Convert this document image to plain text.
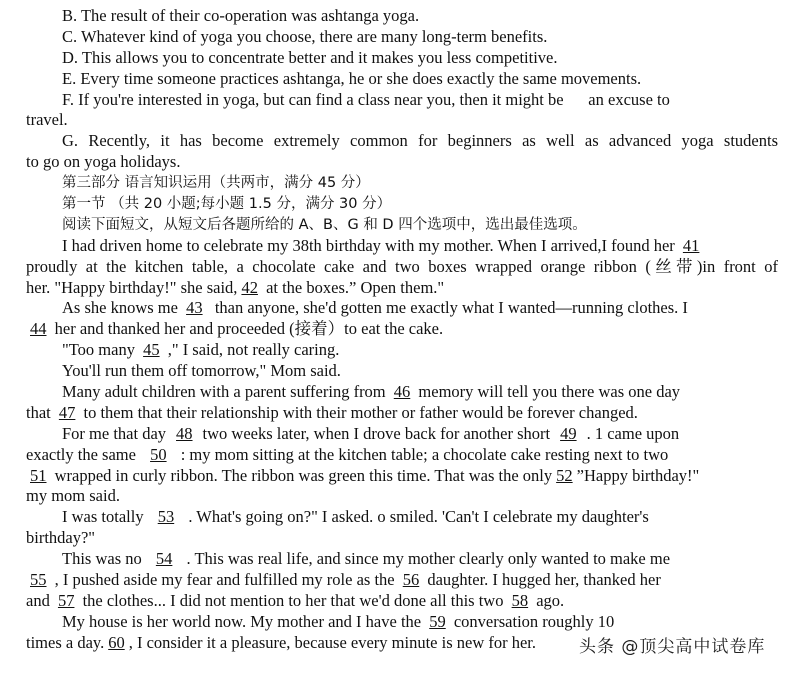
B. The result of their co-operation was ashtanga yoga.
C. Whatever kind of yoga you choose, there are many long-term benefits.
D. This allows you to concentrate better and it makes you less competitive.
E. Every time someone practices ashtanga, he or she does exactly the same movements.
F. If you're interested in yoga, but can find a class near you, then it might be      an excuse to
travel.
G. Recently, it has become extremely common for beginners as well as advanced yoga students
to go on yoga holidays.
第三部分 语言知识运用（共两市，满分 45 分）
第一节 （共 20 小题;每小题 1.5 分，满分 30 分）
阅读下面短文，从短文后各题所给的 A、B、G 和 D 四个选项中，选出最佳选项。
I had driven home to celebrate my 38th birthday with my mother. When I arrived,I found her 41
proudly at the kitchen table, a chocolate cake and two boxes wrapped orange ribbon (丝带)in front of
her. "Happy birthday!" she said, 42 at the boxes.” Open them."
As she knows me 43  than anyone, she'd gotten me exactly what I wanted—running clothes. I
44 her and thanked her and proceeded (接着）to eat the cake.
"Too many 45 ," I said, not really caring.
You'll run them off tomorrow," Mom said.
Many adult children with a parent suffering from 46 memory will tell you there was one day
that 47 to them that their relationship with their mother or father would be forever changed.
For me that day 48 two weeks later, when I drove back for another short 49 . 1 came upon
exactly the same 50 : my mom sitting at the kitchen table; a chocolate cake resting next to two
51 wrapped in curly ribbon. The ribbon was green this time. That was the only 52 ”Happy birthday!"
my mom said.
I was totally 53 . What's going on?" I asked. o smiled. 'Can't I celebrate my daughter's
birthday?"
This was no 54 . This was real life, and since my mother clearly only wanted to make me
55 , I pushed aside my fear and fulfilled my role as the 56 daughter. I hugged her, thanked her
and 57 the clothes... I did not mention to her that we'd done all this two 58 ago.
My house is her world now. My mother and I have the 59 conversation roughly 10
times a day. 60 , I consider it a pleasure, because every minute is new for her.	头条 @顶尖高中试卷库
